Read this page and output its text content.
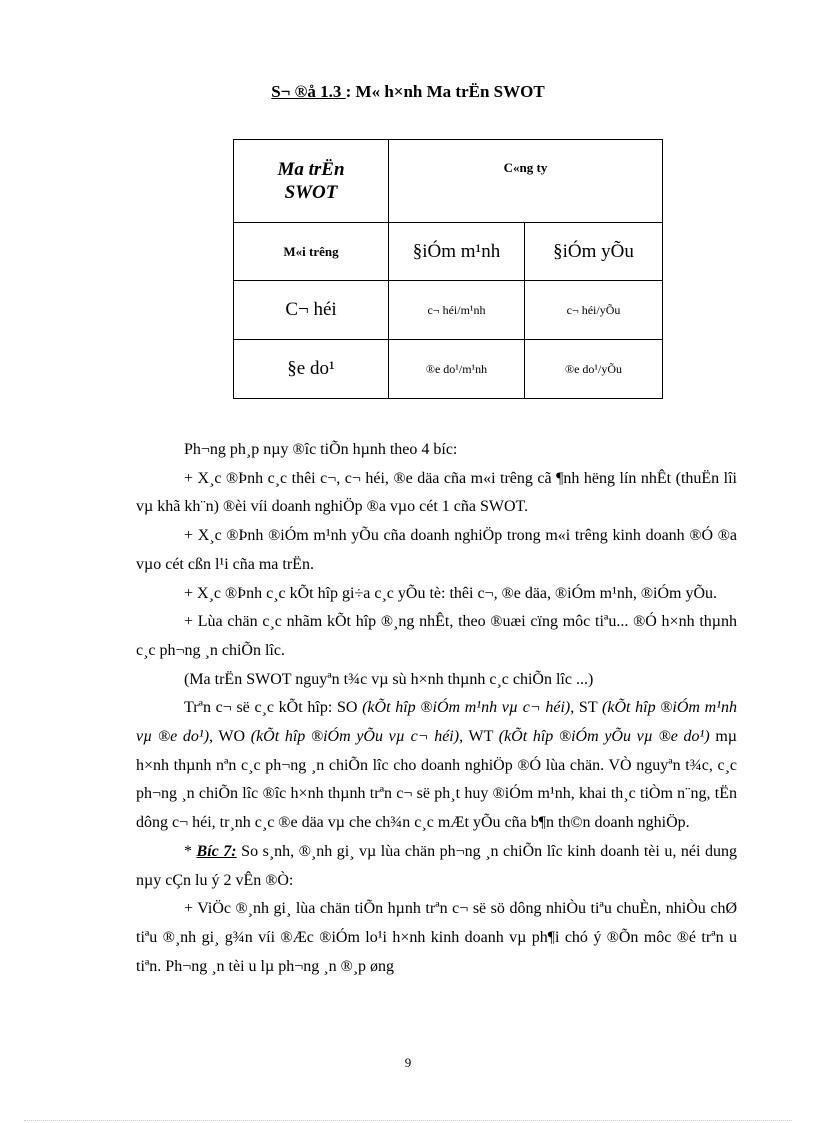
S¬ ®å 1.3 : M« h×nh Ma trËn SWOT
Ma trËn SWOT	C«ng ty	
M«i trêng	§iÓm m¹nh	§iÓm yÕu
C¬ héi	c¬ héi/m¹nh	c¬ héi/yÕu
§e do¹	®e do¹/m¹nh	®e do¹/yÕu

Ph¬ng ph¸p nµy ®îc tiÕn hµnh theo 4 bíc:

+ X¸c ®Þnh c¸c thêi c¬, c¬ héi, ®e däa cña m«i trêng cã ¶nh hëng lín nhÊt (thuËn lîi vµ khã kh¨n) ®èi víi doanh nghiÖp ®a vµo cét 1 cña SWOT.

+ X¸c ®Þnh ®iÓm m¹nh yÕu cña doanh nghiÖp trong m«i trêng kinh doanh ®Ó ®a vµo cét cßn l¹i cña ma trËn.

+ X¸c ®Þnh c¸c kÕt hîp gi÷a c¸c yÕu tè: thêi c¬, ®e däa, ®iÓm m¹nh, ®iÓm yÕu.

+ Lùa chän c¸c nhãm kÕt hîp ®¸ng nhÊt, theo ®uæi cïng môc tiªu... ®Ó h×nh thµnh c¸c ph¬ng ¸n chiÕn lîc.

(Ma trËn SWOT nguyªn t¾c vµ sù h×nh thµnh c¸c chiÕn lîc ...)

Trªn c¬ së c¸c kÕt hîp: SO (kÕt hîp ®iÓm m¹nh vµ c¬ héi), ST (kÕt hîp ®iÓm m¹nh vµ ®e do¹), WO (kÕt hîp ®iÓm yÕu vµ c¬ héi), WT (kÕt hîp ®iÓm yÕu vµ ®e do¹) mµ h×nh thµnh nªn c¸c ph¬ng ¸n chiÕn lîc cho doanh nghiÖp ®Ó lùa chän. VÒ nguyªn t¾c, c¸c ph¬ng ¸n chiÕn lîc ®îc h×nh thµnh trªn c¬ së ph¸t huy ®iÓm m¹nh, khai th¸c tiÒm n¨ng, tËn dông c¬ héi, tr¸nh c¸c ®e däa vµ che ch¾n c¸c mÆt yÕu cña b¶n th©n doanh nghiÖp.

* Bíc 7: So s¸nh, ®¸nh gi¸ vµ lùa chän ph¬ng ¸n chiÕn lîc kinh doanh tèi u, néi dung nµy cÇn lu ý 2 vÊn ®Ò:

+ ViÖc ®¸nh gi¸ lùa chän tiÕn hµnh trªn c¬ së sö dông nhiÒu tiªu chuÈn, nhiÒu chØ tiªu ®¸nh gi¸ g¾n víi ®Æc ®iÓm lo¹i h×nh kinh doanh vµ ph¶i chó ý ®Õn môc ®é trªn u tiªn. Ph¬ng ¸n tèi u lµ ph¬ng ¸n ®¸p øng

9
